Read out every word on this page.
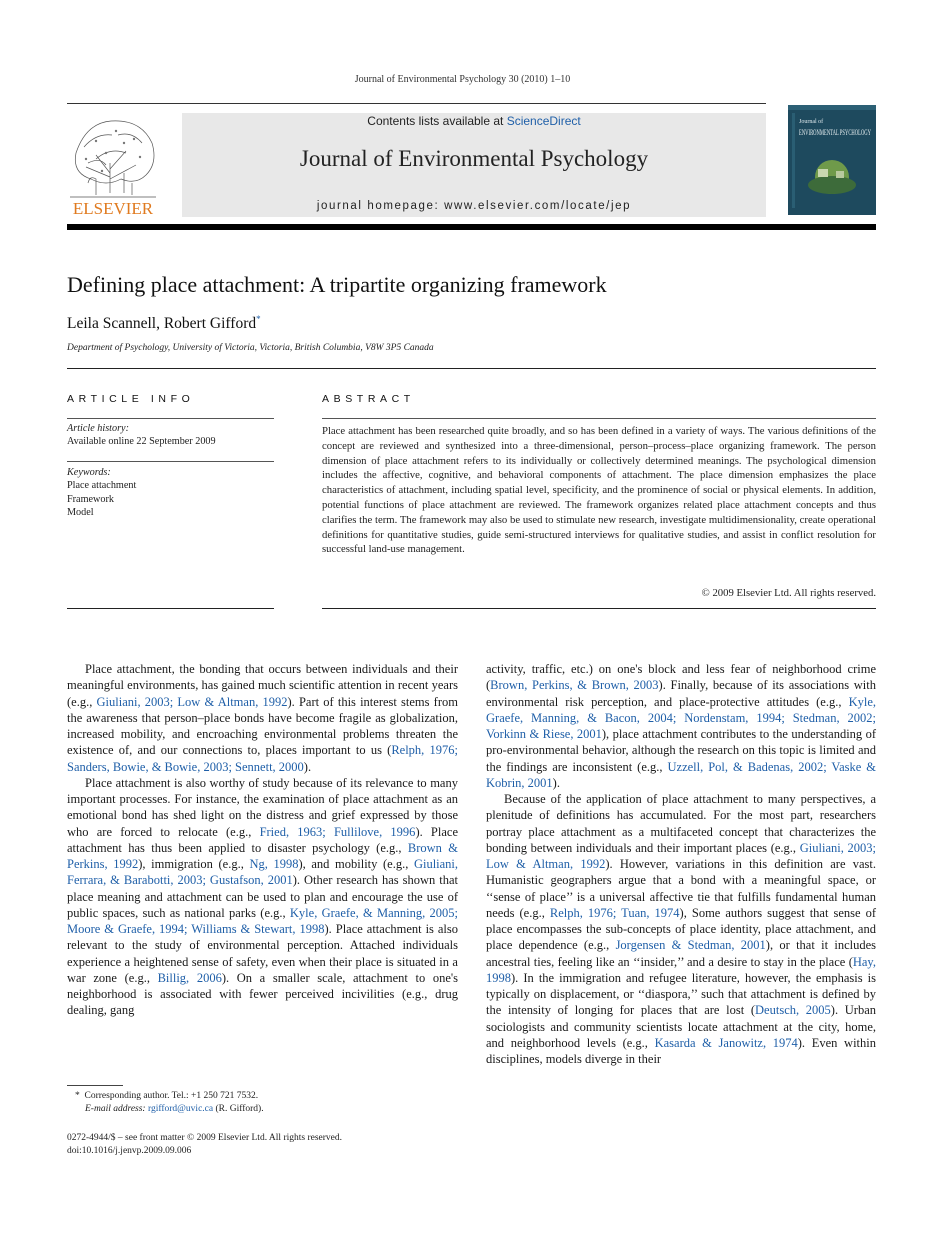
Journal of Environmental Psychology 30 (2010) 1–10
ELSEVIER
Contents lists available at ScienceDirect
Journal of Environmental Psychology
journal homepage: www.elsevier.com/locate/jep
Journal of
ENVIRONMENTAL PSYCHOLOGY
Defining place attachment: A tripartite organizing framework
Leila Scannell, Robert Gifford*
Department of Psychology, University of Victoria, Victoria, British Columbia, V8W 3P5 Canada
ARTICLE INFO
Article history:
Available online 22 September 2009
Keywords:
Place attachment
Framework
Model
ABSTRACT
Place attachment has been researched quite broadly, and so has been defined in a variety of ways. The various definitions of the concept are reviewed and synthesized into a three-dimensional, person–process–place organizing framework. The person dimension of place attachment refers to its individually or collectively determined meanings. The psychological dimension includes the affective, cognitive, and behavioral components of attachment. The place dimension emphasizes the place characteristics of attachment, including spatial level, specificity, and the prominence of social or physical elements. In addition, potential functions of place attachment are reviewed. The framework organizes related place attachment concepts and thus clarifies the term. The framework may also be used to stimulate new research, investigate multidimensionality, create operational definitions for quantitative studies, guide semi-structured interviews for qualitative studies, and assist in conflict resolution for successful land-use management.
© 2009 Elsevier Ltd. All rights reserved.

Place attachment, the bonding that occurs between individuals and their meaningful environments, has gained much scientific attention in recent years (e.g., Giuliani, 2003; Low & Altman, 1992). Part of this interest stems from the awareness that person–place bonds have become fragile as globalization, increased mobility, and encroaching environmental problems threaten the existence of, and our connections to, places important to us (Relph, 1976; Sanders, Bowie, & Bowie, 2003; Sennett, 2000).

Place attachment is also worthy of study because of its relevance to many important processes. For instance, the examination of place attachment as an emotional bond has shed light on the distress and grief expressed by those who are forced to relocate (e.g., Fried, 1963; Fullilove, 1996). Place attachment has thus been applied to disaster psychology (e.g., Brown & Perkins, 1992), immigration (e.g., Ng, 1998), and mobility (e.g., Giuliani, Ferrara, & Barabotti, 2003; Gustafson, 2001). Other research has shown that place meaning and attachment can be used to plan and encourage the use of public spaces, such as national parks (e.g., Kyle, Graefe, & Manning, 2005; Moore & Graefe, 1994; Williams & Stewart, 1998). Place attachment is also relevant to the study of environmental perception. Attached individuals experience a heightened sense of safety, even when their place is situated in a war zone (e.g., Billig, 2006). On a smaller scale, attachment to one's neighborhood is associated with fewer perceived incivilities (e.g., drug dealing, gang

activity, traffic, etc.) on one's block and less fear of neighborhood crime (Brown, Perkins, & Brown, 2003). Finally, because of its associations with environmental risk perception, and place-protective attitudes (e.g., Kyle, Graefe, Manning, & Bacon, 2004; Nordenstam, 1994; Stedman, 2002; Vorkinn & Riese, 2001), place attachment contributes to the understanding of pro-environmental behavior, although the research on this topic is limited and the findings are inconsistent (e.g., Uzzell, Pol, & Badenas, 2002; Vaske & Kobrin, 2001).

Because of the application of place attachment to many perspectives, a plenitude of definitions has accumulated. For the most part, researchers portray place attachment as a multifaceted concept that characterizes the bonding between individuals and their important places (e.g., Giuliani, 2003; Low & Altman, 1992). However, variations in this definition are vast. Humanistic geographers argue that a bond with a meaningful space, or ‘‘sense of place’’ is a universal affective tie that fulfills fundamental human needs (e.g., Relph, 1976; Tuan, 1974), Some authors suggest that sense of place encompasses the sub-concepts of place identity, place attachment, and place dependence (e.g., Jorgensen & Stedman, 2001), or that it includes ancestral ties, feeling like an ‘‘insider,’’ and a desire to stay in the place (Hay, 1998). In the immigration and refugee literature, however, the emphasis is typically on displacement, or ‘‘diaspora,’’ such that attachment is defined by the intensity of longing for places that are lost (Deutsch, 2005). Urban sociologists and community scientists locate attachment at the city, home, and neighborhood levels (e.g., Kasarda & Janowitz, 1974). Even within disciplines, models diverge in their

* Corresponding author. Tel.: +1 250 721 7532.
E-mail address: rgifford@uvic.ca (R. Gifford).
0272-4944/$ – see front matter © 2009 Elsevier Ltd. All rights reserved.
doi:10.1016/j.jenvp.2009.09.006
